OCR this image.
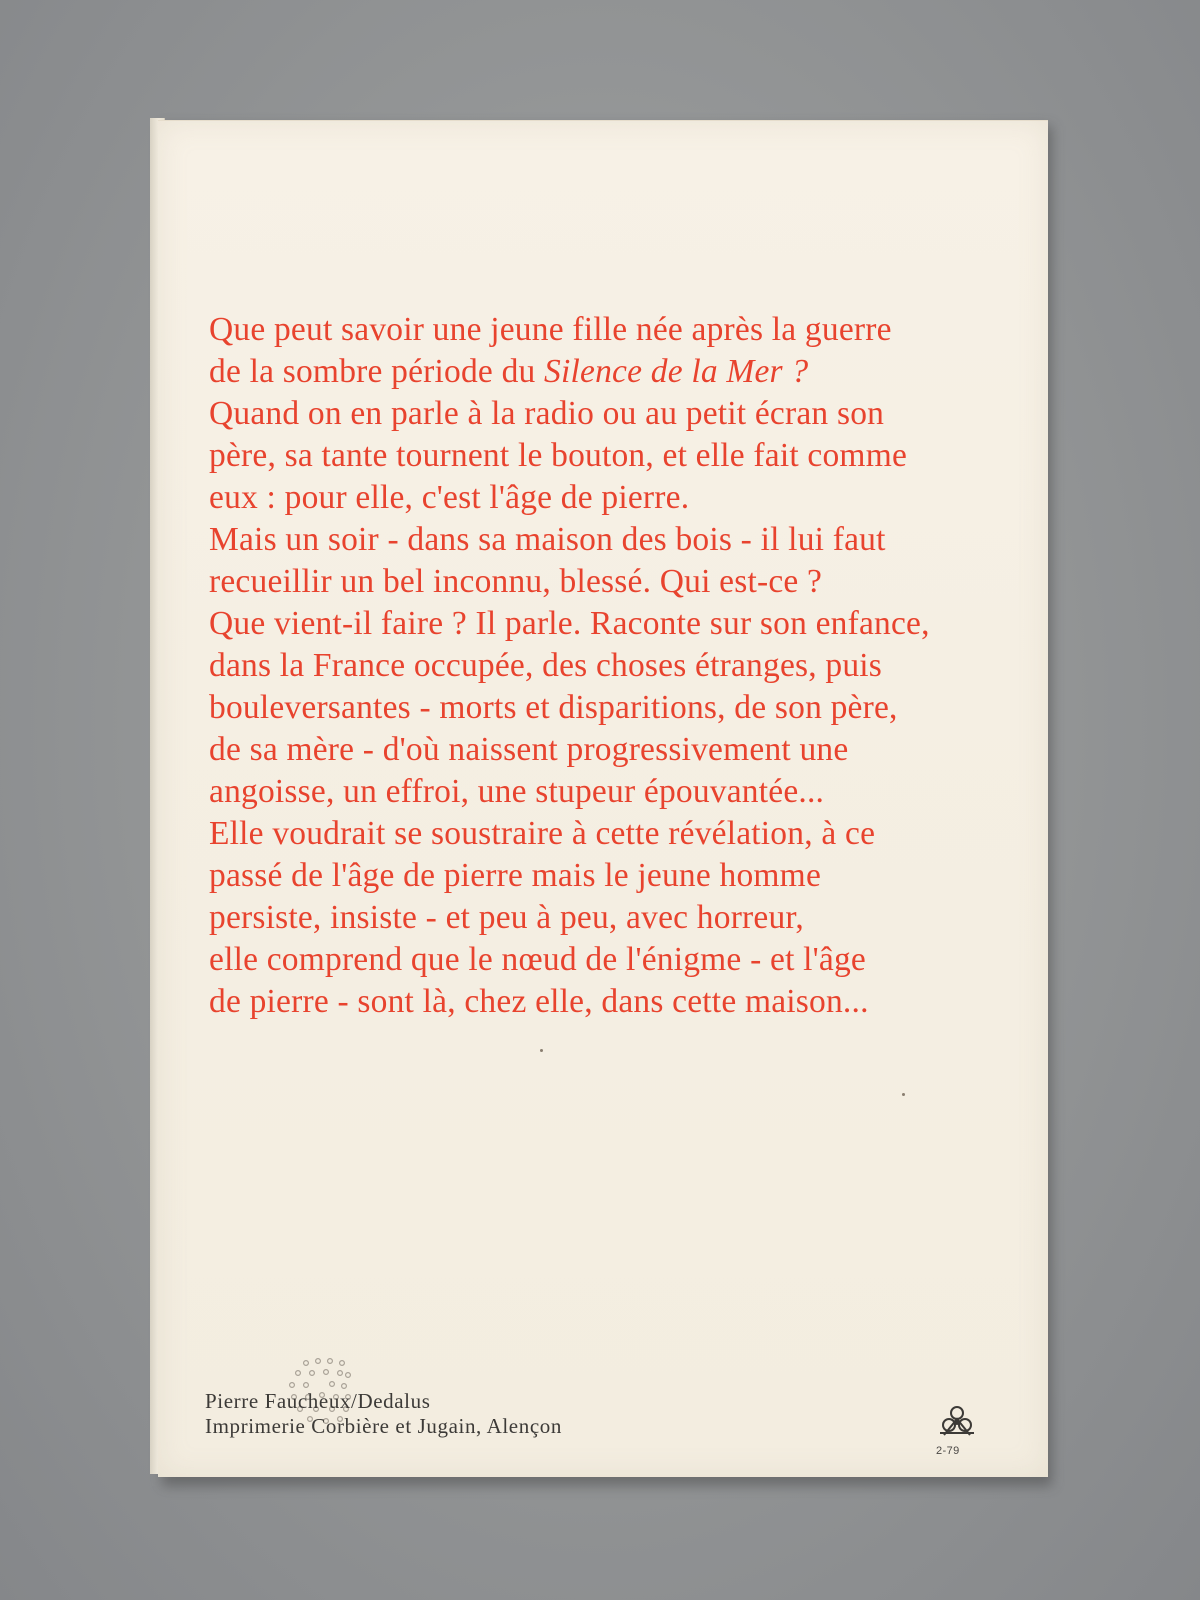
Que peut savoir une jeune fille née après la guerre
de la sombre période du Silence de la Mer ?
Quand on en parle à la radio ou au petit écran son
père, sa tante tournent le bouton, et elle fait comme
eux : pour elle, c'est l'âge de pierre.
Mais un soir - dans sa maison des bois - il lui faut
recueillir un bel inconnu, blessé. Qui est-ce ?
Que vient-il faire ? Il parle. Raconte sur son enfance,
dans la France occupée, des choses étranges, puis
bouleversantes - morts et disparitions, de son père,
de sa mère - d'où naissent progressivement une
angoisse, un effroi, une stupeur épouvantée...
Elle voudrait se soustraire à cette révélation, à ce
passé de l'âge de pierre mais le jeune homme
persiste, insiste - et peu à peu, avec horreur,
elle comprend que le nœud de l'énigme - et l'âge
de pierre - sont là, chez elle, dans cette maison...
Pierre Faucheux/Dedalus
Imprimerie Corbière et Jugain, Alençon
2-79
